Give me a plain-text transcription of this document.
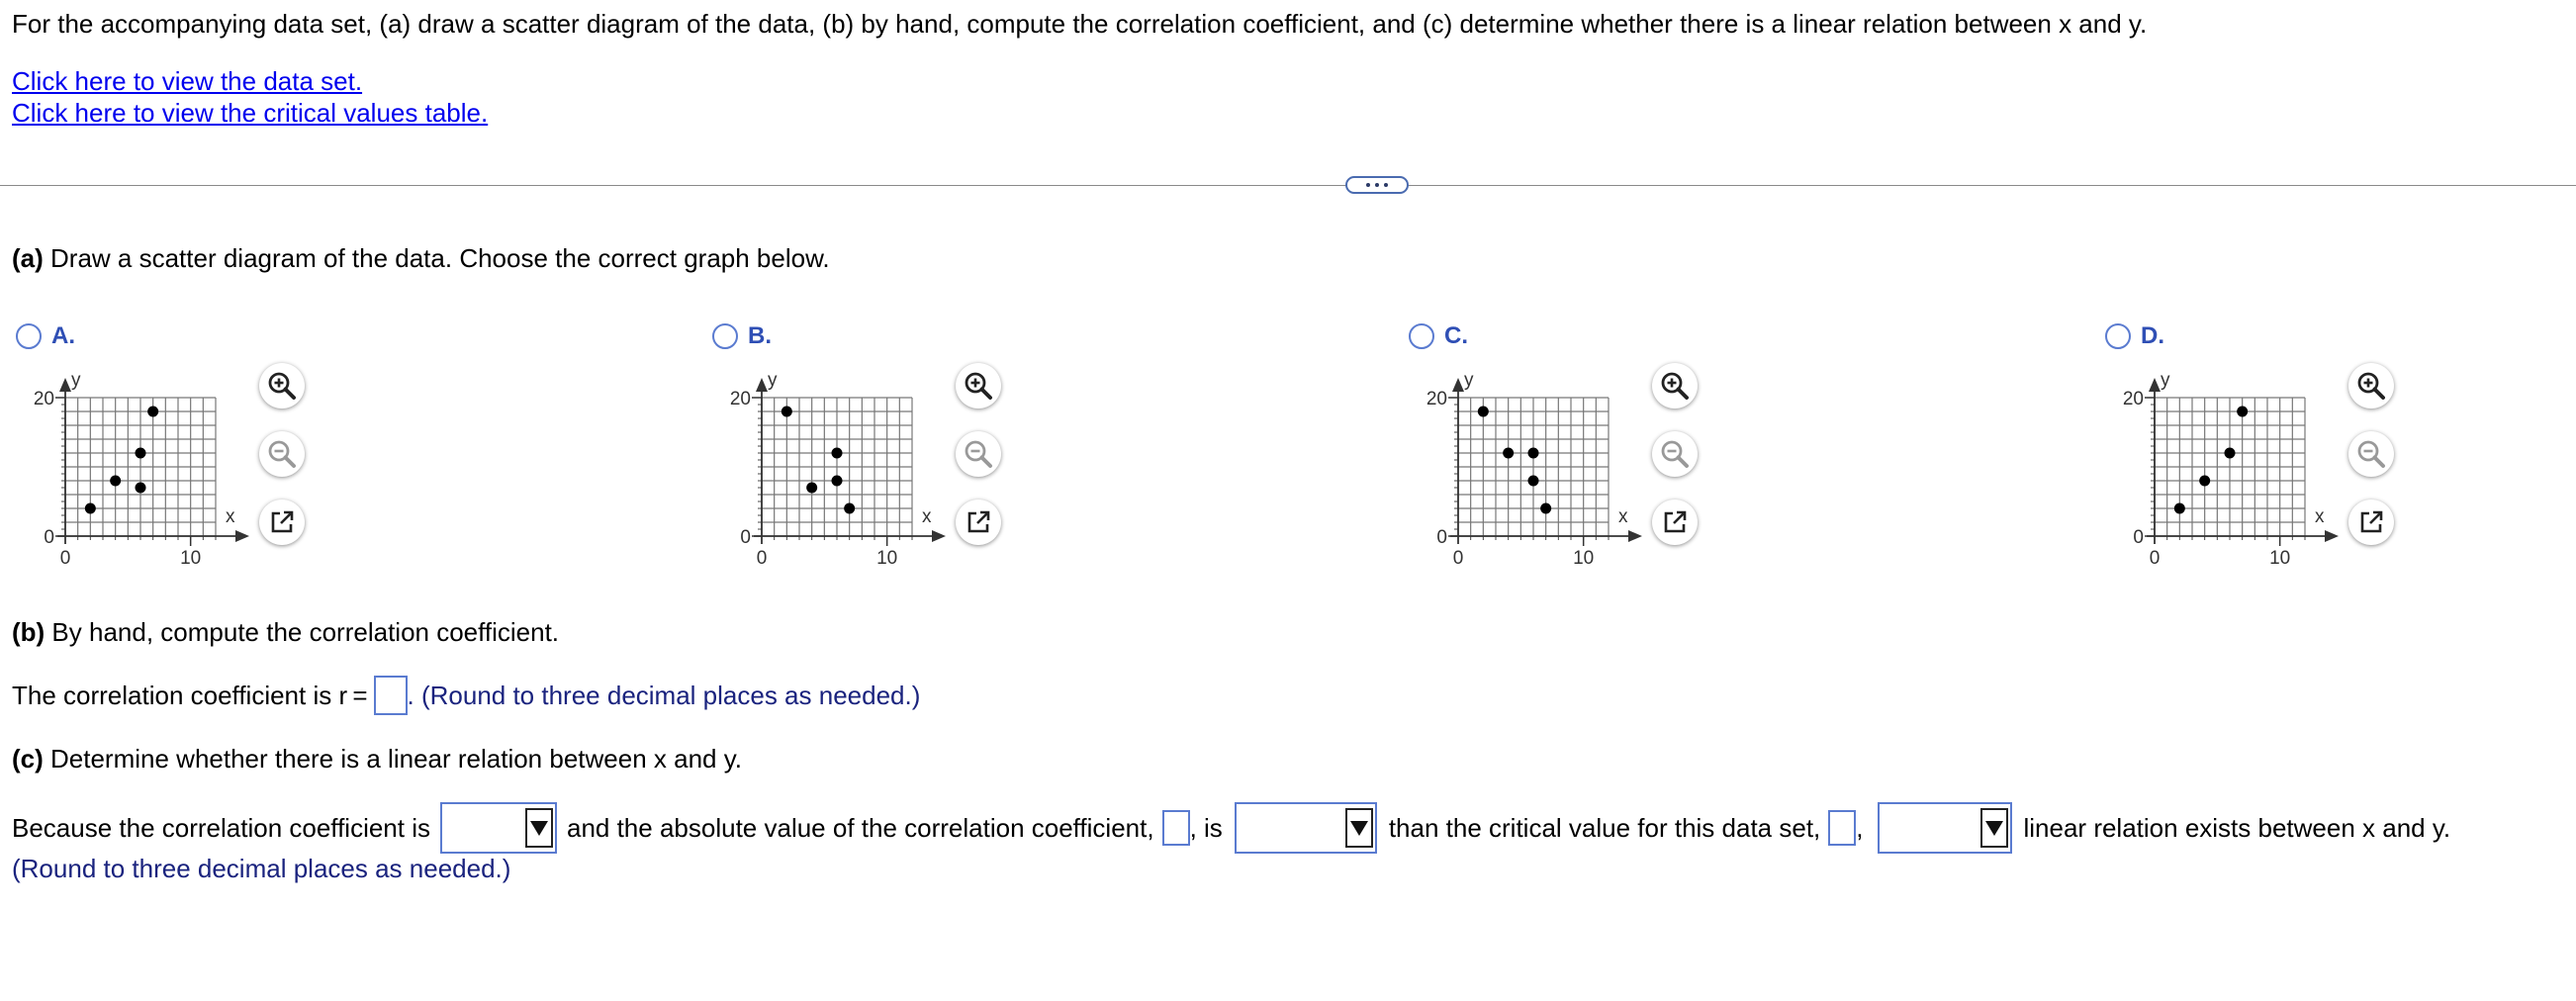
For the accompanying data set, (a) draw a scatter diagram of the data, (b) by hand, compute the correlation coefficient, and (c) determine whether there is a linear relation between x and y.
Click here to view the data set.
Click here to view the critical values table.
(a) Draw a scatter diagram of the data. Choose the correct graph below.
A.
y
x
20
0
0	10
B.
y
x
20
0
0	10
C.
y
x
20
0
0	10
D.
y
x
20
0
0	10
(b) By hand, compute the correlation coefficient.
The correlation coefficient is r = . (Round to three decimal places as needed.)
(c) Determine whether there is a linear relation between x and y.
Because the correlation coefficient is	and the absolute value of the correlation coefficient, , is	than the critical value for this data set, ,	linear relation exists between x and y.
(Round to three decimal places as needed.)
